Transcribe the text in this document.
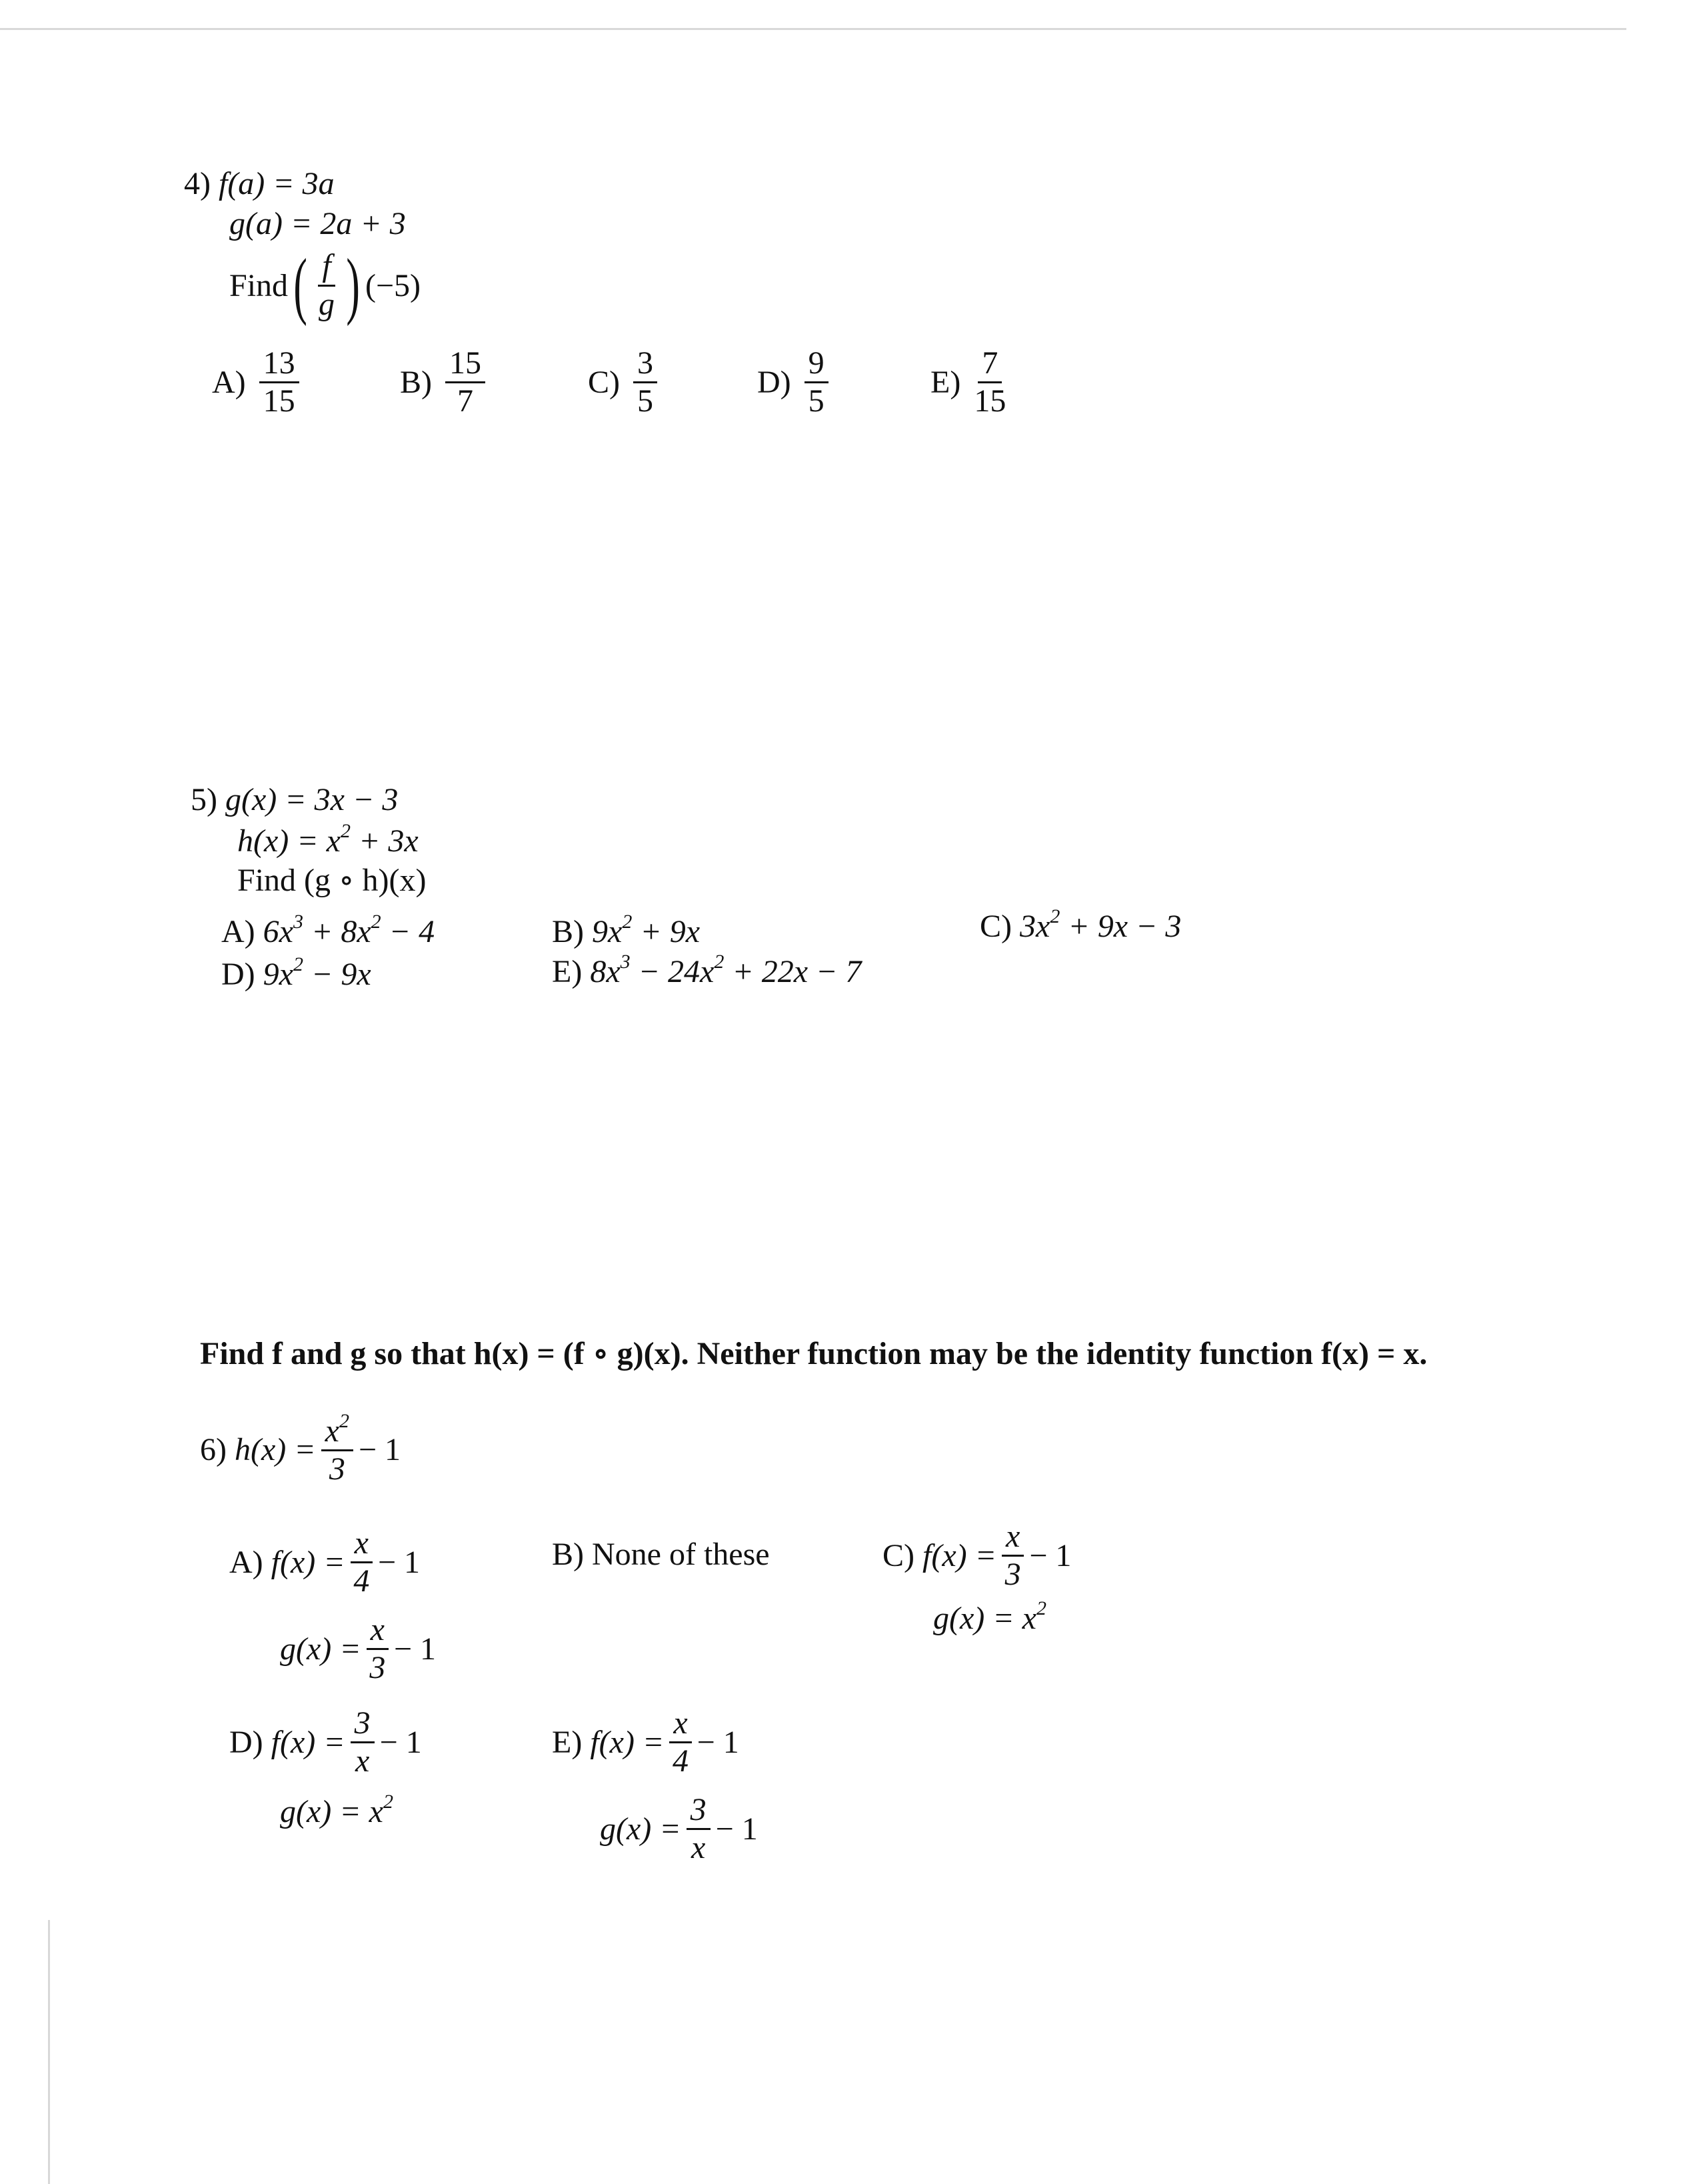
4) f(a) = 3a
g(a) = 2a + 3
Find ( $\frac{f}{g}$ ) (−5)
$A) \frac{13}{15}$	$B) \frac{15}{7}$	$C) \frac{3}{5}$	$D) \frac{9}{5}$	$E) \frac{7}{15}$
5) g(x) = 3x − 3
$h(x) = x^2 + 3x$
Find (g ∘ h)(x)
A) $6x^3 + 8x^2 - 4$	B) $9x^2 + 9x$	C) $3x^2 + 9x - 3$
D) $9x^2 - 9x$	E) $8x^3 - 24x^2 + 22x - 7$
Find f and g so that h(x) = (f ∘ g)(x). Neither function may be the identity function f(x) = x.
6) $h(x) = \frac{x^2}{3} - 1$
A) $f(x) = \frac{x}{4} - 1$
$g(x) = \frac{x}{3} - 1$
B) None of these	C) $f(x) = \frac{x}{3} - 1$
$g(x) = x^2$
D) $f(x) = \frac{3}{x} - 1$
$g(x) = x^2$
E) $f(x) = \frac{x}{4} - 1$
$g(x) = \frac{3}{x} - 1$
